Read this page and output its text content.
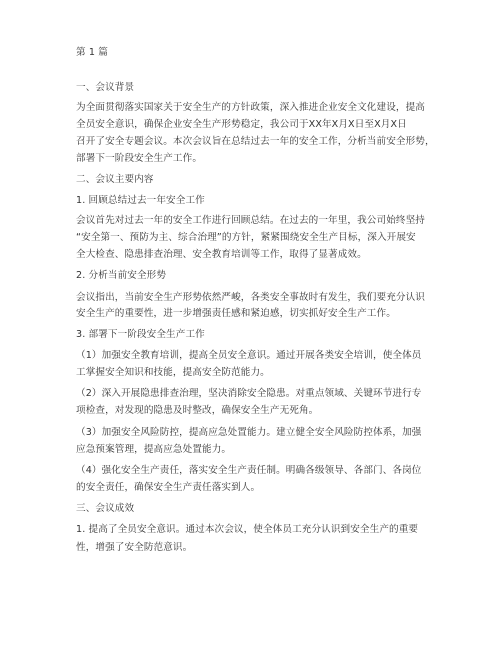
第 1 篇

一、会议背景

为全面贯彻落实国家关于安全生产的方针政策，深入推进企业安全文化建设，提高

全员安全意识，确保企业安全生产形势稳定，我公司于XX年X月X日至X月X日

召开了安全专题会议。本次会议旨在总结过去一年的安全工作，分析当前安全形势，

部署下一阶段安全生产工作。

二、会议主要内容

1. 回顾总结过去一年安全工作

会议首先对过去一年的安全工作进行回顾总结。在过去的一年里，我公司始终坚持

“安全第一、预防为主、综合治理”的方针，紧紧围绕安全生产目标，深入开展安

全大检查、隐患排查治理、安全教育培训等工作，取得了显著成效。

2. 分析当前安全形势

会议指出，当前安全生产形势依然严峻，各类安全事故时有发生，我们要充分认识

安全生产的重要性，进一步增强责任感和紧迫感，切实抓好安全生产工作。

3. 部署下一阶段安全生产工作

（1）加强安全教育培训，提高全员安全意识。通过开展各类安全培训，使全体员

工掌握安全知识和技能，提高安全防范能力。

（2）深入开展隐患排查治理，坚决消除安全隐患。对重点领域、关键环节进行专

项检查，对发现的隐患及时整改，确保安全生产无死角。

（3）加强安全风险防控，提高应急处置能力。建立健全安全风险防控体系，加强

应急预案管理，提高应急处置能力。

（4）强化安全生产责任，落实安全生产责任制。明确各级领导、各部门、各岗位

的安全责任，确保安全生产责任落实到人。

三、会议成效

1. 提高了全员安全意识。通过本次会议，使全体员工充分认识到安全生产的重要

性，增强了安全防范意识。
